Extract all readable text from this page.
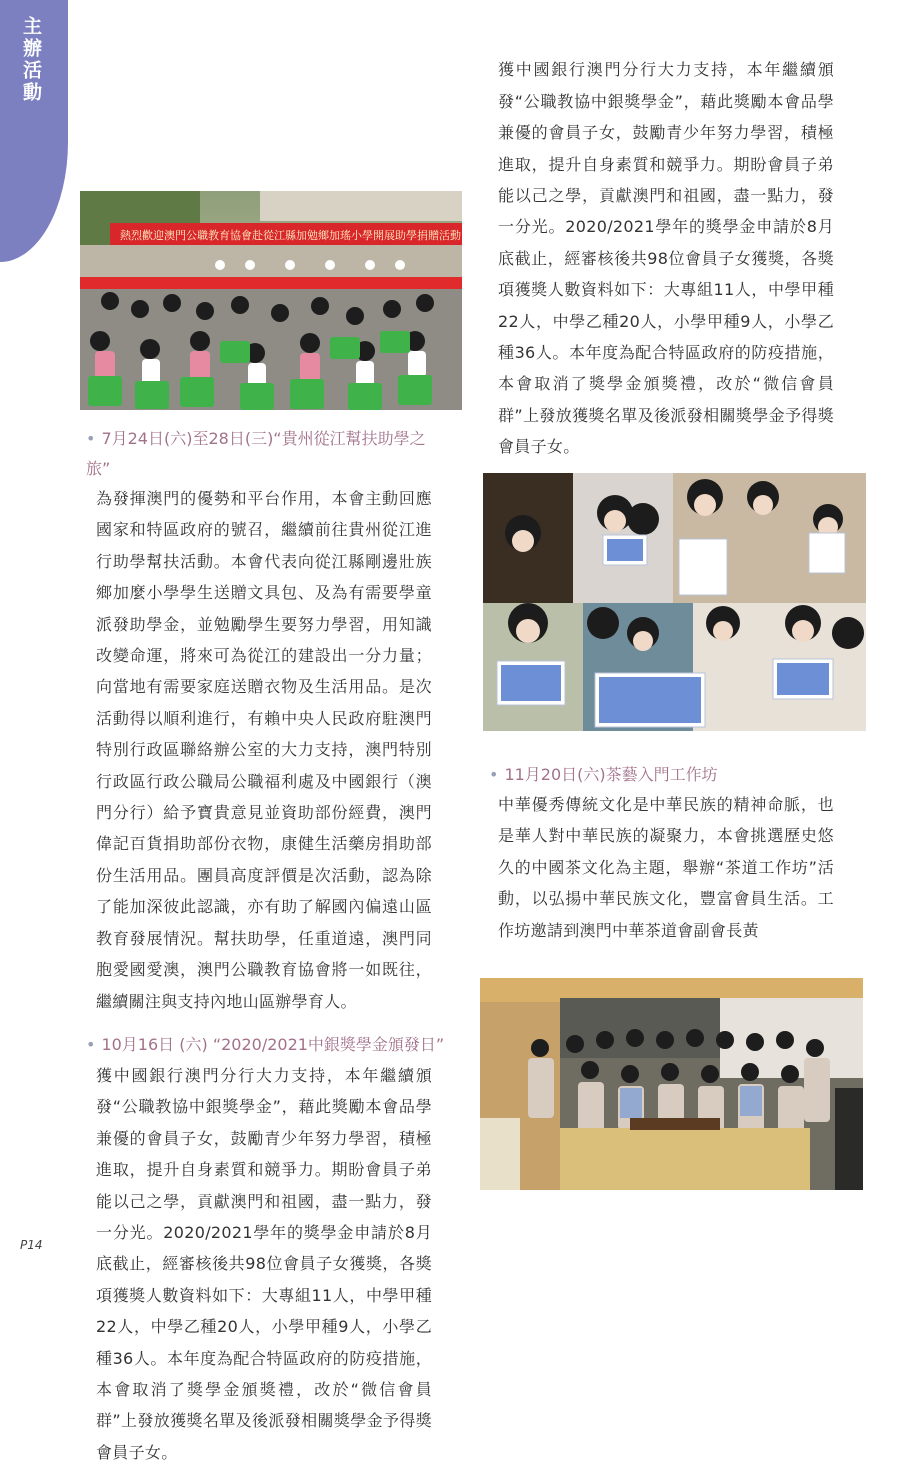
主辦活動
熱烈歡迎澳門公職教育協會赴從江縣加勉鄉加瑤小學開展助學捐贈活動
• 7月24日(六)至28日(三)“貴州從江幫扶助學之旅”

為發揮澳門的優勢和平台作用，本會主動回應國家和特區政府的號召，繼續前往貴州從江進行助學幫扶活動。本會代表向從江縣剛邊壯族鄉加麼小學學生送贈文具包、及為有需要學童派發助學金，並勉勵學生要努力學習，用知識改變命運，將來可為從江的建設出一分力量；向當地有需要家庭送贈衣物及生活用品。是次活動得以順利進行，有賴中央人民政府駐澳門特別行政區聯絡辦公室的大力支持，澳門特別行政區行政公職局公職福利處及中國銀行（澳門分行）給予寶貴意見並資助部份經費，澳門偉記百貨捐助部份衣物，康健生活藥房捐助部份生活用品。團員高度評價是次活動，認為除了能加深彼此認識，亦有助了解國內偏遠山區教育發展情況。幫扶助學，任重道遠，澳門同胞愛國愛澳，澳門公職教育協會將一如既往，繼續關注與支持內地山區辦學育人。

• 10月16日 (六) “2020/2021中銀獎學金頒發日”

獲中國銀行澳門分行大力支持，本年繼續頒發“公職教協中銀獎學金”，藉此獎勵本會品學兼優的會員子女，鼓勵青少年努力學習，積極進取，提升自身素質和競爭力。期盼會員子弟能以己之學，貢獻澳門和祖國，盡一點力，發一分光。2020/2021學年的獎學金申請於8月底截止，經審核後共98位會員子女獲獎，各獎項獲獎人數資料如下：大專組11人，中學甲種22人，中學乙種20人，小學甲種9人，小學乙種36人。本年度為配合特區政府的防疫措施，本會取消了獎學金頒獎禮，改於“微信會員群”上發放獲獎名單及後派發相關獎學金予得獎會員子女。

獲中國銀行澳門分行大力支持，本年繼續頒發“公職教協中銀獎學金”，藉此獎勵本會品學兼優的會員子女，鼓勵青少年努力學習，積極進取，提升自身素質和競爭力。期盼會員子弟能以己之學，貢獻澳門和祖國，盡一點力，發一分光。2020/2021學年的獎學金申請於8月底截止，經審核後共98位會員子女獲獎，各獎項獲獎人數資料如下：大專組11人，中學甲種22人，中學乙種20人，小學甲種9人，小學乙種36人。本年度為配合特區政府的防疫措施，本會取消了獎學金頒獎禮，改於“微信會員群”上發放獲獎名單及後派發相關獎學金予得獎會員子女。

• 11月20日(六)茶藝入門工作坊

中華優秀傳統文化是中華民族的精神命脈，也是華人對中華民族的凝聚力，本會挑選歷史悠久的中國茶文化為主題，舉辦“茶道工作坊”活動，以弘揚中華民族文化，豐富會員生活。工作坊邀請到澳門中華茶道會副會長黃

P14
